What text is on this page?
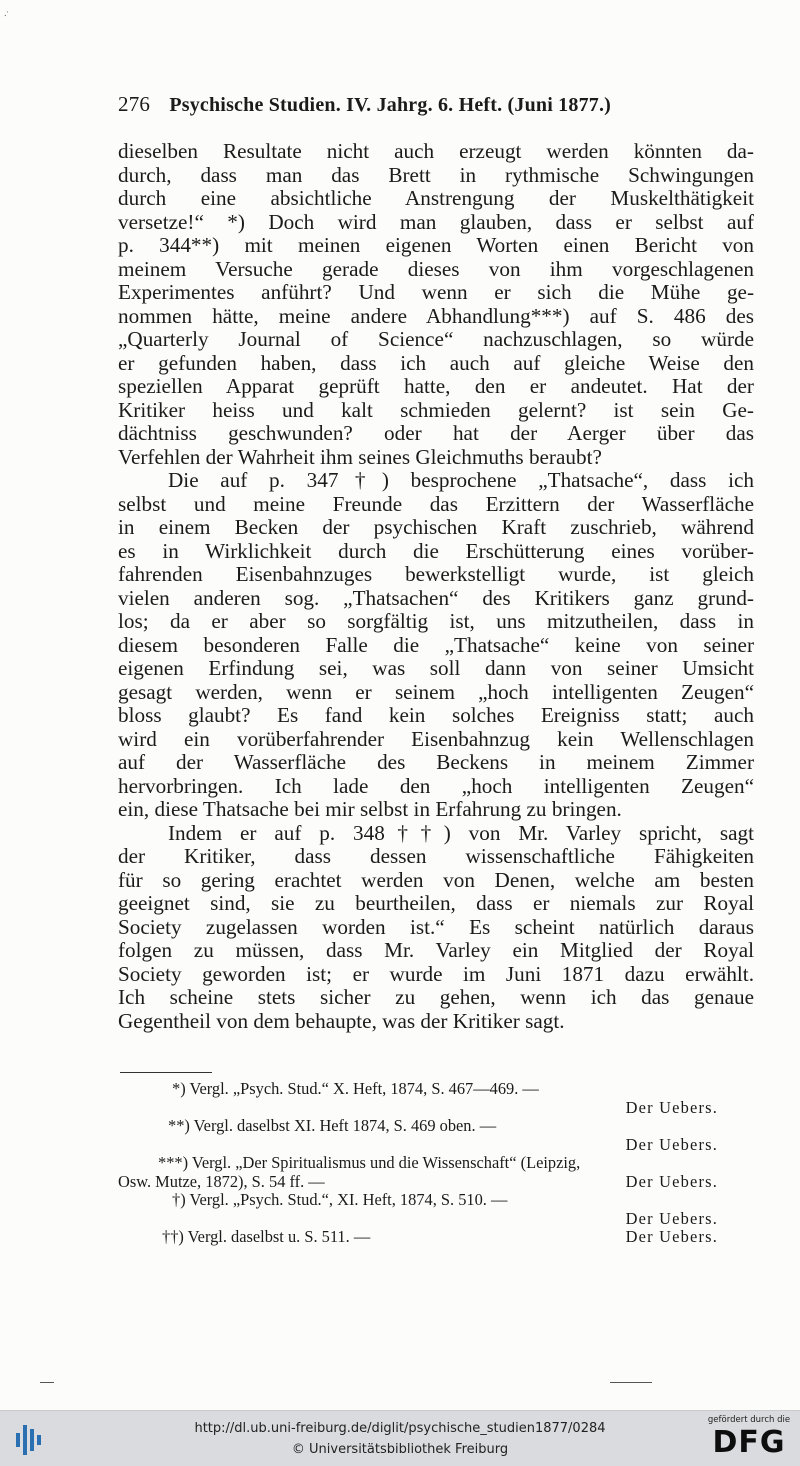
⸱ ̇
276 Psychische Studien. IV. Jahrg. 6. Heft. (Juni 1877.)
dieselben Resultate nicht auch erzeugt werden könnten da-
durch, dass man das Brett in rythmische Schwingungen
durch eine absichtliche Anstrengung der Muskelthätigkeit
versetze!“ *) Doch wird man glauben, dass er selbst auf
p. 344**) mit meinen eigenen Worten einen Bericht von
meinem Versuche gerade dieses von ihm vorgeschlagenen
Experimentes anführt? Und wenn er sich die Mühe ge-
nommen hätte, meine andere Abhandlung***) auf S. 486 des
„Quarterly Journal of Science“ nachzuschlagen, so würde
er gefunden haben, dass ich auch auf gleiche Weise den
speziellen Apparat geprüft hatte, den er andeutet. Hat der
Kritiker heiss und kalt schmieden gelernt? ist sein Ge-
dächtniss geschwunden? oder hat der Aerger über das
Verfehlen der Wahrheit ihm seines Gleichmuths beraubt?
Die auf p. 347†) besprochene „Thatsache“, dass ich
selbst und meine Freunde das Erzittern der Wasserfläche
in einem Becken der psychischen Kraft zuschrieb, während
es in Wirklichkeit durch die Erschütterung eines vorüber-
fahrenden Eisenbahnzuges bewerkstelligt wurde, ist gleich
vielen anderen sog. „Thatsachen“ des Kritikers ganz grund-
los; da er aber so sorgfältig ist, uns mitzutheilen, dass in
diesem besonderen Falle die „Thatsache“ keine von seiner
eigenen Erfindung sei, was soll dann von seiner Umsicht
gesagt werden, wenn er seinem „hoch intelligenten Zeugen“
bloss glaubt? Es fand kein solches Ereigniss statt; auch
wird ein vorüberfahrender Eisenbahnzug kein Wellenschlagen
auf der Wasserfläche des Beckens in meinem Zimmer
hervorbringen. Ich lade den „hoch intelligenten Zeugen“
ein, diese Thatsache bei mir selbst in Erfahrung zu bringen.
Indem er auf p. 348††) von Mr. Varley spricht, sagt
der Kritiker, dass dessen wissenschaftliche Fähigkeiten
für so gering erachtet werden von Denen, welche am besten
geeignet sind, sie zu beurtheilen, dass er niemals zur Royal
Society zugelassen worden ist.“ Es scheint natürlich daraus
folgen zu müssen, dass Mr. Varley ein Mitglied der Royal
Society geworden ist; er wurde im Juni 1871 dazu erwählt.
Ich scheine stets sicher zu gehen, wenn ich das genaue
Gegentheil von dem behaupte, was der Kritiker sagt.
*) Vergl. „Psych. Stud.“ X. Heft, 1874, S. 467—469. —
Der Uebers.
**) Vergl. daselbst XI. Heft 1874, S. 469 oben. —
Der Uebers.
***) Vergl. „Der Spiritualismus und die Wissenschaft“ (Leipzig,
Osw. Mutze, 1872), S. 54 ff. —	Der Uebers.
†) Vergl. „Psych. Stud.“, XI. Heft, 1874, S. 510. —
Der Uebers.
††) Vergl. daselbst u. S. 511. —	Der Uebers.
http://dl.ub.uni-freiburg.de/diglit/psychische_studien1877/0284
© Universitätsbibliothek Freiburg
gefördert durch die
DFG
